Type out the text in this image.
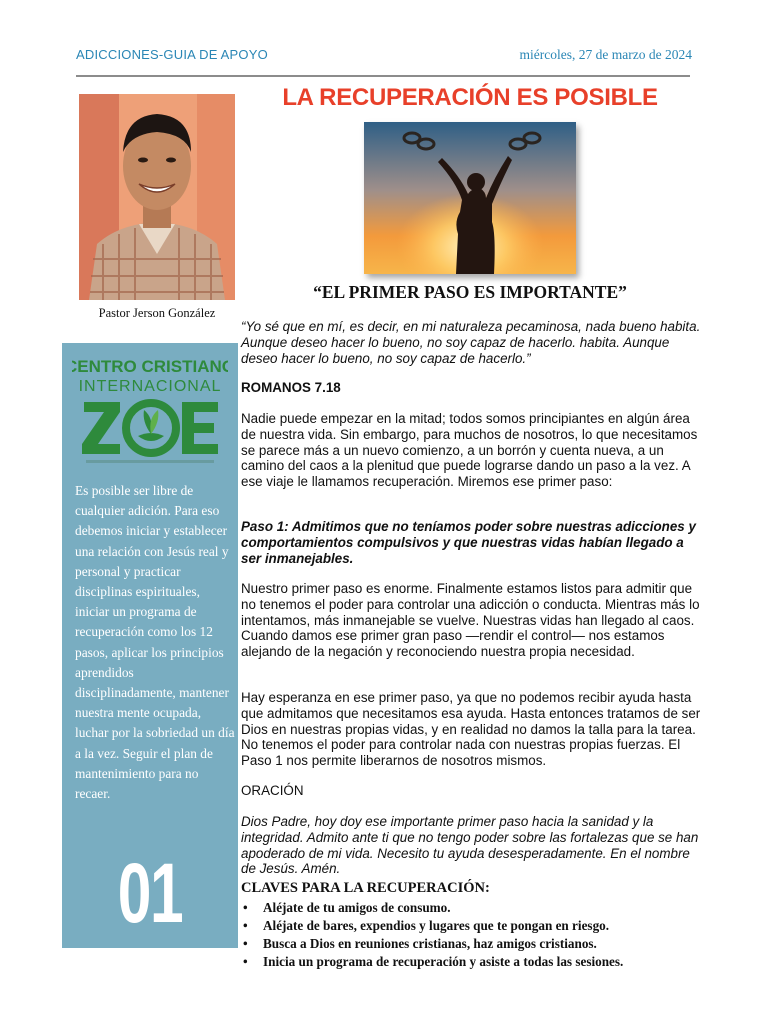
ADICCIONES-GUIA DE APOYO	miércoles, 27 de marzo de 2024
Pastor Jerson González
CENTRO CRISTIANO
INTERNACIONAL
Es posible ser libre de cualquier adición. Para eso debemos iniciar y establecer una relación con Jesús real y personal y practicar disciplinas espirituales, iniciar un programa de recuperación como los 12 pasos, aplicar los principios aprendidos disciplinadamente, mantener nuestra mente ocupada, luchar por la sobriedad un día a la vez. Seguir el plan de mantenimiento para no recaer.
01
LA RECUPERACIÓN ES POSIBLE
“EL PRIMER PASO ES IMPORTANTE”
“Yo sé que en mí, es decir, en mi naturaleza pecaminosa, nada bueno habita. Aunque deseo hacer lo bueno, no soy capaz de hacerlo. habita. Aunque deseo hacer lo bueno, no soy capaz de hacerlo.”
ROMANOS 7.18
Nadie puede empezar en la mitad; todos somos principiantes en algún área de nuestra vida. Sin embargo, para muchos de nosotros, lo que necesitamos se parece más a un nuevo comienzo, a un borrón y cuenta nueva, a un camino del caos a la plenitud que puede lograrse dando un paso a la vez. A ese viaje le llamamos recuperación. Miremos ese primer paso:
Paso 1: Admitimos que no teníamos poder sobre nuestras adicciones y comportamientos compulsivos y que nuestras vidas habían llegado a ser inmanejables.
Nuestro primer paso es enorme. Finalmente estamos listos para admitir que no tenemos el poder para controlar una adicción o conducta. Mientras más lo intentamos, más inmanejable se vuelve. Nuestras vidas han llegado al caos. Cuando damos ese primer gran paso —rendir el control— nos estamos alejando de la negación y reconociendo nuestra propia necesidad.
Hay esperanza en ese primer paso, ya que no podemos recibir ayuda hasta que admitamos que necesitamos esa ayuda. Hasta entonces tratamos de ser Dios en nuestras propias vidas, y en realidad no damos la talla para la tarea. No tenemos el poder para controlar nada con nuestras propias fuerzas. El Paso 1 nos permite liberarnos de nosotros mismos.
ORACIÓN
Dios Padre, hoy doy ese importante primer paso hacia la sanidad y la integridad. Admito ante ti que no tengo poder sobre las fortalezas que se han apoderado de mi vida. Necesito tu ayuda desesperadamente. En el nombre de Jesús. Amén.
CLAVES PARA LA RECUPERACIÓN:
• Aléjate de tu amigos de consumo.
• Aléjate de bares, expendios y lugares que te pongan en riesgo.
• Busca a Dios en reuniones cristianas, haz amigos cristianos.
• Inicia un programa de recuperación y asiste a todas las sesiones.
